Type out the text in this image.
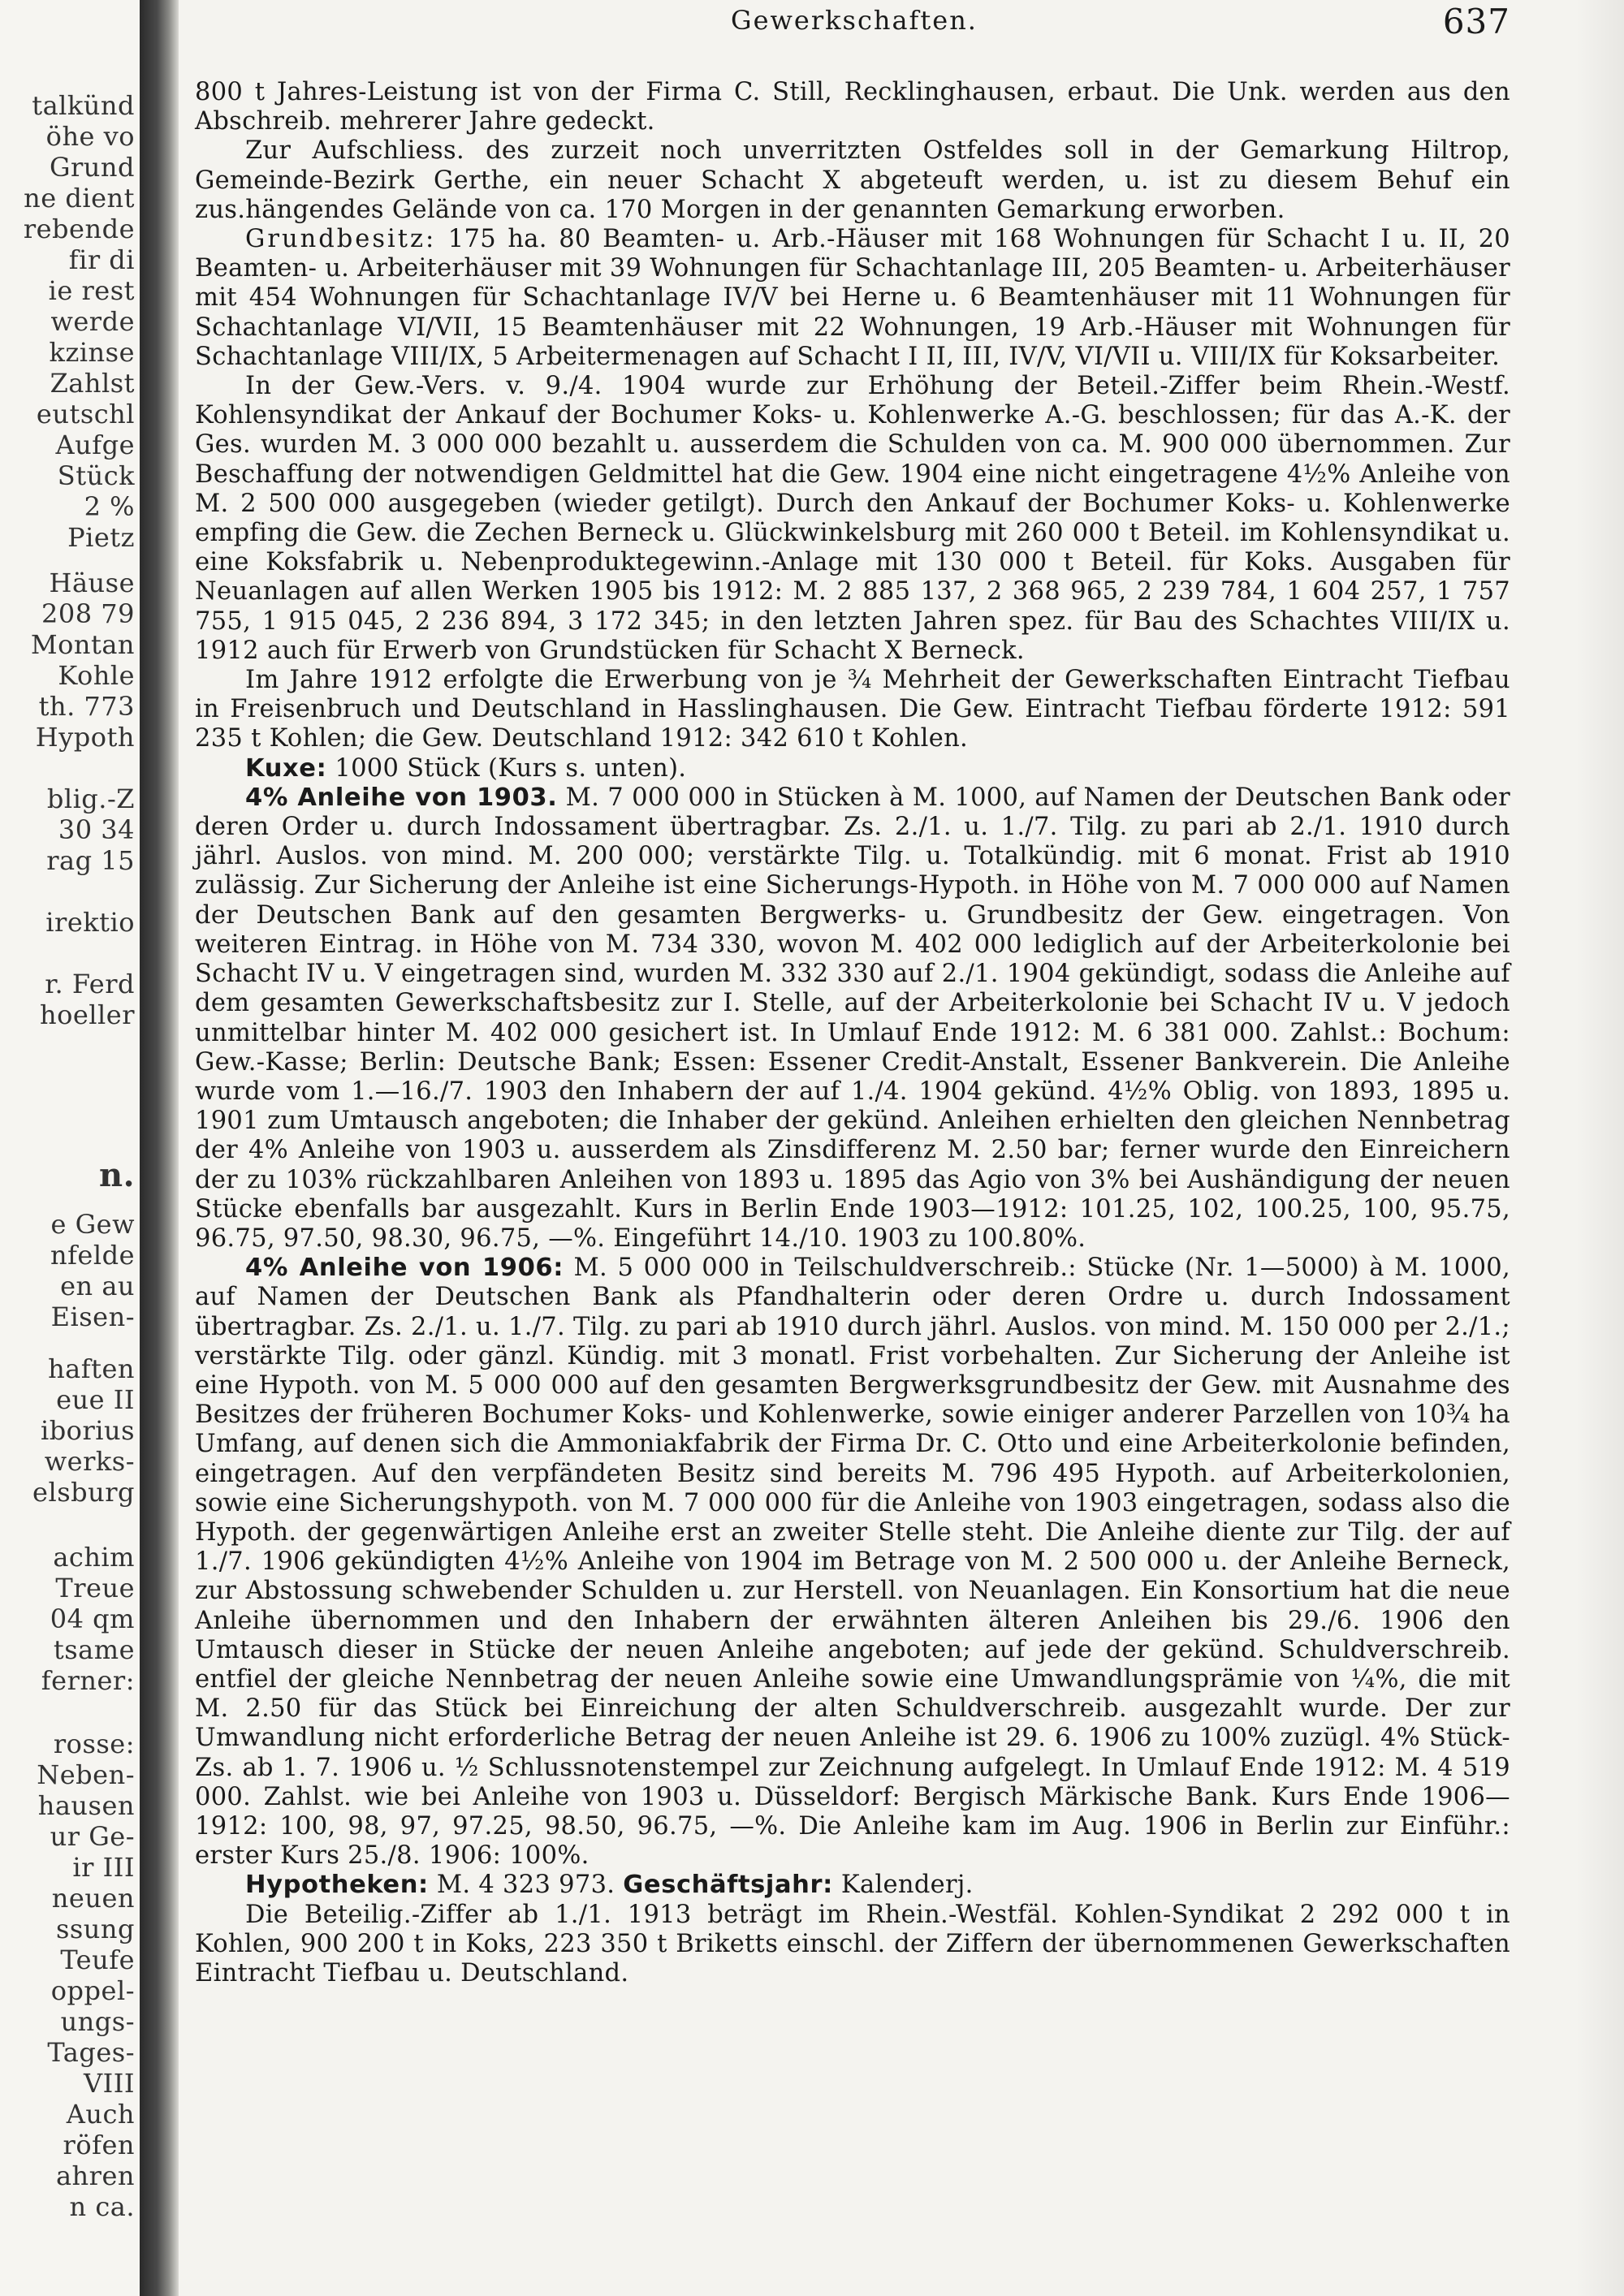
talkünd
öhe vo
Grund
ne dient
rebende
fir di
ie rest
werde
kzinse
Zahlst
eutschl
Aufge
Stück
2 %
Pietz
Häuse
208 79
Montan
Kohle
th. 773
Hypoth
blig.-Z
30 34
rag 15
irektio
r. Ferd
hoeller
n.
e Gew
nfelde
en au
Eisen-
haften
eue II
iborius
werks-
elsburg
achim
Treue
04 qm
tsame
ferner:
rosse:
Neben-
hausen
ur Ge-
ir III
neuen
ssung
Teufe
oppel-
ungs-
Tages-
VIII
Auch
röfen
ahren
n ca.
Gewerkschaften.	637

800 t Jahres-Leistung ist von der Firma C. Still, Recklinghausen, erbaut. Die Unk. werden aus den Abschreib. mehrerer Jahre gedeckt.

Zur Aufschliess. des zurzeit noch unverritzten Ostfeldes soll in der Gemarkung Hiltrop, Gemeinde-Bezirk Gerthe, ein neuer Schacht X abgeteuft werden, u. ist zu diesem Behuf ein zus.hängendes Gelände von ca. 170 Morgen in der genannten Gemarkung erworben.

Grundbesitz: 175 ha. 80 Beamten- u. Arb.-Häuser mit 168 Wohnungen für Schacht I u. II, 20 Beamten- u. Arbeiterhäuser mit 39 Wohnungen für Schachtanlage III, 205 Beamten- u. Arbeiterhäuser mit 454 Wohnungen für Schachtanlage IV/V bei Herne u. 6 Beamtenhäuser mit 11 Wohnungen für Schachtanlage VI/VII, 15 Beamtenhäuser mit 22 Wohnungen, 19 Arb.-Häuser mit Wohnungen für Schachtanlage VIII/IX, 5 Arbeitermenagen auf Schacht I II, III, IV/V, VI/VII u. VIII/IX für Koksarbeiter.

In der Gew.-Vers. v. 9./4. 1904 wurde zur Erhöhung der Beteil.-Ziffer beim Rhein.-Westf. Kohlensyndikat der Ankauf der Bochumer Koks- u. Kohlenwerke A.-G. beschlossen; für das A.-K. der Ges. wurden M. 3 000 000 bezahlt u. ausserdem die Schulden von ca. M. 900 000 übernommen. Zur Beschaffung der notwendigen Geldmittel hat die Gew. 1904 eine nicht eingetragene 4½% Anleihe von M. 2 500 000 ausgegeben (wieder getilgt). Durch den Ankauf der Bochumer Koks- u. Kohlenwerke empfing die Gew. die Zechen Berneck u. Glückwinkelsburg mit 260 000 t Beteil. im Kohlensyndikat u. eine Koksfabrik u. Nebenproduktegewinn.-Anlage mit 130 000 t Beteil. für Koks. Ausgaben für Neuanlagen auf allen Werken 1905 bis 1912: M. 2 885 137, 2 368 965, 2 239 784, 1 604 257, 1 757 755, 1 915 045, 2 236 894, 3 172 345; in den letzten Jahren spez. für Bau des Schachtes VIII/IX u. 1912 auch für Erwerb von Grundstücken für Schacht X Berneck.

Im Jahre 1912 erfolgte die Erwerbung von je ¾ Mehrheit der Gewerkschaften Eintracht Tiefbau in Freisenbruch und Deutschland in Hasslinghausen. Die Gew. Eintracht Tiefbau förderte 1912: 591 235 t Kohlen; die Gew. Deutschland 1912: 342 610 t Kohlen.

Kuxe: 1000 Stück (Kurs s. unten).

4% Anleihe von 1903. M. 7 000 000 in Stücken à M. 1000, auf Namen der Deutschen Bank oder deren Order u. durch Indossament übertragbar. Zs. 2./1. u. 1./7. Tilg. zu pari ab 2./1. 1910 durch jährl. Auslos. von mind. M. 200 000; verstärkte Tilg. u. Totalkündig. mit 6 monat. Frist ab 1910 zulässig. Zur Sicherung der Anleihe ist eine Sicherungs-Hypoth. in Höhe von M. 7 000 000 auf Namen der Deutschen Bank auf den gesamten Bergwerks- u. Grundbesitz der Gew. eingetragen. Von weiteren Eintrag. in Höhe von M. 734 330, wovon M. 402 000 lediglich auf der Arbeiterkolonie bei Schacht IV u. V eingetragen sind, wurden M. 332 330 auf 2./1. 1904 gekündigt, sodass die Anleihe auf dem gesamten Gewerkschaftsbesitz zur I. Stelle, auf der Arbeiterkolonie bei Schacht IV u. V jedoch unmittelbar hinter M. 402 000 gesichert ist. In Umlauf Ende 1912: M. 6 381 000. Zahlst.: Bochum: Gew.-Kasse; Berlin: Deutsche Bank; Essen: Essener Credit-Anstalt, Essener Bankverein. Die Anleihe wurde vom 1.—16./7. 1903 den Inhabern der auf 1./4. 1904 gekünd. 4½% Oblig. von 1893, 1895 u. 1901 zum Umtausch angeboten; die Inhaber der gekünd. Anleihen erhielten den gleichen Nennbetrag der 4% Anleihe von 1903 u. ausserdem als Zinsdifferenz M. 2.50 bar; ferner wurde den Einreichern der zu 103% rückzahlbaren Anleihen von 1893 u. 1895 das Agio von 3% bei Aushändigung der neuen Stücke ebenfalls bar ausgezahlt. Kurs in Berlin Ende 1903—1912: 101.25, 102, 100.25, 100, 95.75, 96.75, 97.50, 98.30, 96.75, —%. Eingeführt 14./10. 1903 zu 100.80%.

4% Anleihe von 1906: M. 5 000 000 in Teilschuldverschreib.: Stücke (Nr. 1—5000) à M. 1000, auf Namen der Deutschen Bank als Pfandhalterin oder deren Ordre u. durch Indossament übertragbar. Zs. 2./1. u. 1./7. Tilg. zu pari ab 1910 durch jährl. Auslos. von mind. M. 150 000 per 2./1.; verstärkte Tilg. oder gänzl. Kündig. mit 3 monatl. Frist vorbehalten. Zur Sicherung der Anleihe ist eine Hypoth. von M. 5 000 000 auf den gesamten Bergwerksgrundbesitz der Gew. mit Ausnahme des Besitzes der früheren Bochumer Koks- und Kohlenwerke, sowie einiger anderer Parzellen von 10¾ ha Umfang, auf denen sich die Ammoniakfabrik der Firma Dr. C. Otto und eine Arbeiterkolonie befinden, eingetragen. Auf den verpfändeten Besitz sind bereits M. 796 495 Hypoth. auf Arbeiterkolonien, sowie eine Sicherungshypoth. von M. 7 000 000 für die Anleihe von 1903 eingetragen, sodass also die Hypoth. der gegenwärtigen Anleihe erst an zweiter Stelle steht. Die Anleihe diente zur Tilg. der auf 1./7. 1906 gekündigten 4½% Anleihe von 1904 im Betrage von M. 2 500 000 u. der Anleihe Berneck, zur Abstossung schwebender Schulden u. zur Herstell. von Neuanlagen. Ein Konsortium hat die neue Anleihe übernommen und den Inhabern der erwähnten älteren Anleihen bis 29./6. 1906 den Umtausch dieser in Stücke der neuen Anleihe angeboten; auf jede der gekünd. Schuldverschreib. entfiel der gleiche Nennbetrag der neuen Anleihe sowie eine Umwandlungsprämie von ¼%, die mit M. 2.50 für das Stück bei Einreichung der alten Schuldverschreib. ausgezahlt wurde. Der zur Umwandlung nicht erforderliche Betrag der neuen Anleihe ist 29. 6. 1906 zu 100% zuzügl. 4% Stück-Zs. ab 1. 7. 1906 u. ½ Schlussnotenstempel zur Zeichnung aufgelegt. In Umlauf Ende 1912: M. 4 519 000. Zahlst. wie bei Anleihe von 1903 u. Düsseldorf: Bergisch Märkische Bank. Kurs Ende 1906—1912: 100, 98, 97, 97.25, 98.50, 96.75, —%. Die Anleihe kam im Aug. 1906 in Berlin zur Einführ.: erster Kurs 25./8. 1906: 100%.

Hypotheken: M. 4 323 973. Geschäftsjahr: Kalenderj.

Die Beteilig.-Ziffer ab 1./1. 1913 beträgt im Rhein.-Westfäl. Kohlen-Syndikat 2 292 000 t in Kohlen, 900 200 t in Koks, 223 350 t Briketts einschl. der Ziffern der übernommenen Gewerkschaften Eintracht Tiefbau u. Deutschland.
